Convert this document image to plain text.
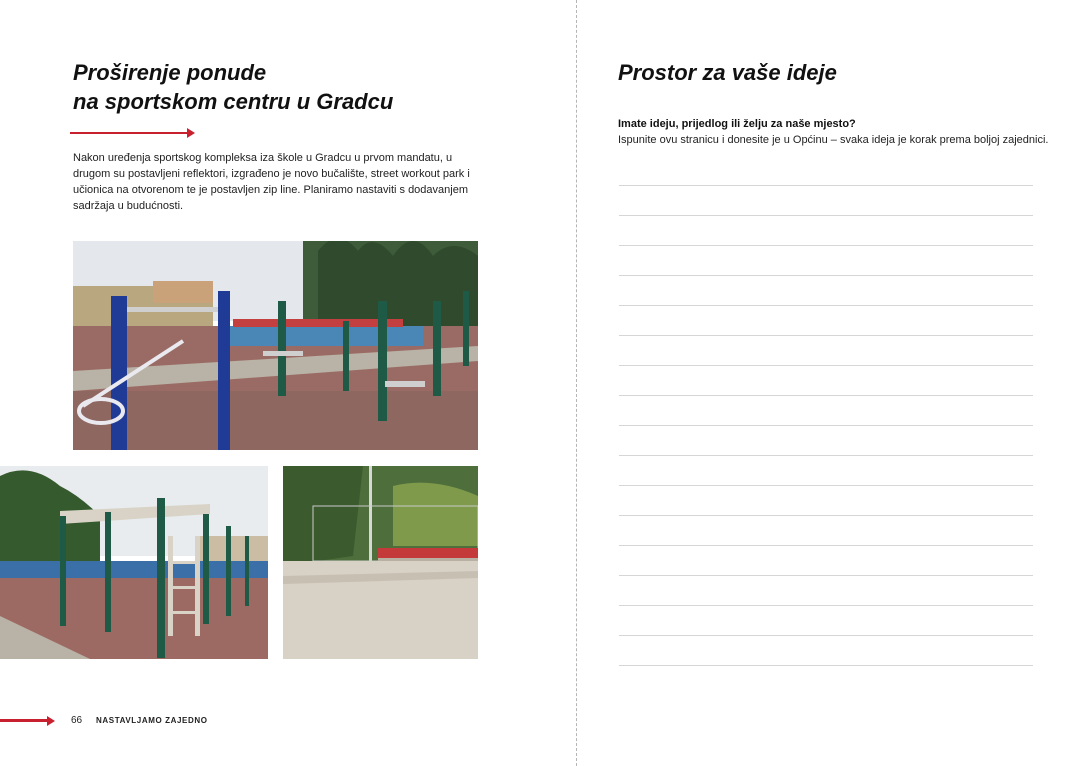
Proširenje ponude
na sportskom centru u Gradcu

Nakon uređenja sportskog kompleksa iza škole u Gradcu u prvom mandatu, u drugom su postavljeni reflektori, izgrađeno je novo bučalište, street workout park i učionica na otvorenom te je postavljen zip line. Planiramo nastaviti s dodavanjem sadržaja u budućnosti.

66 NASTAVLJAMO ZAJEDNO
Prostor za vaše ideje
Imate ideju, prijedlog ili želju za naše mjesto?
Ispunite ovu stranicu i donesite je u Općinu – svaka ideja je korak prema boljoj zajednici.
